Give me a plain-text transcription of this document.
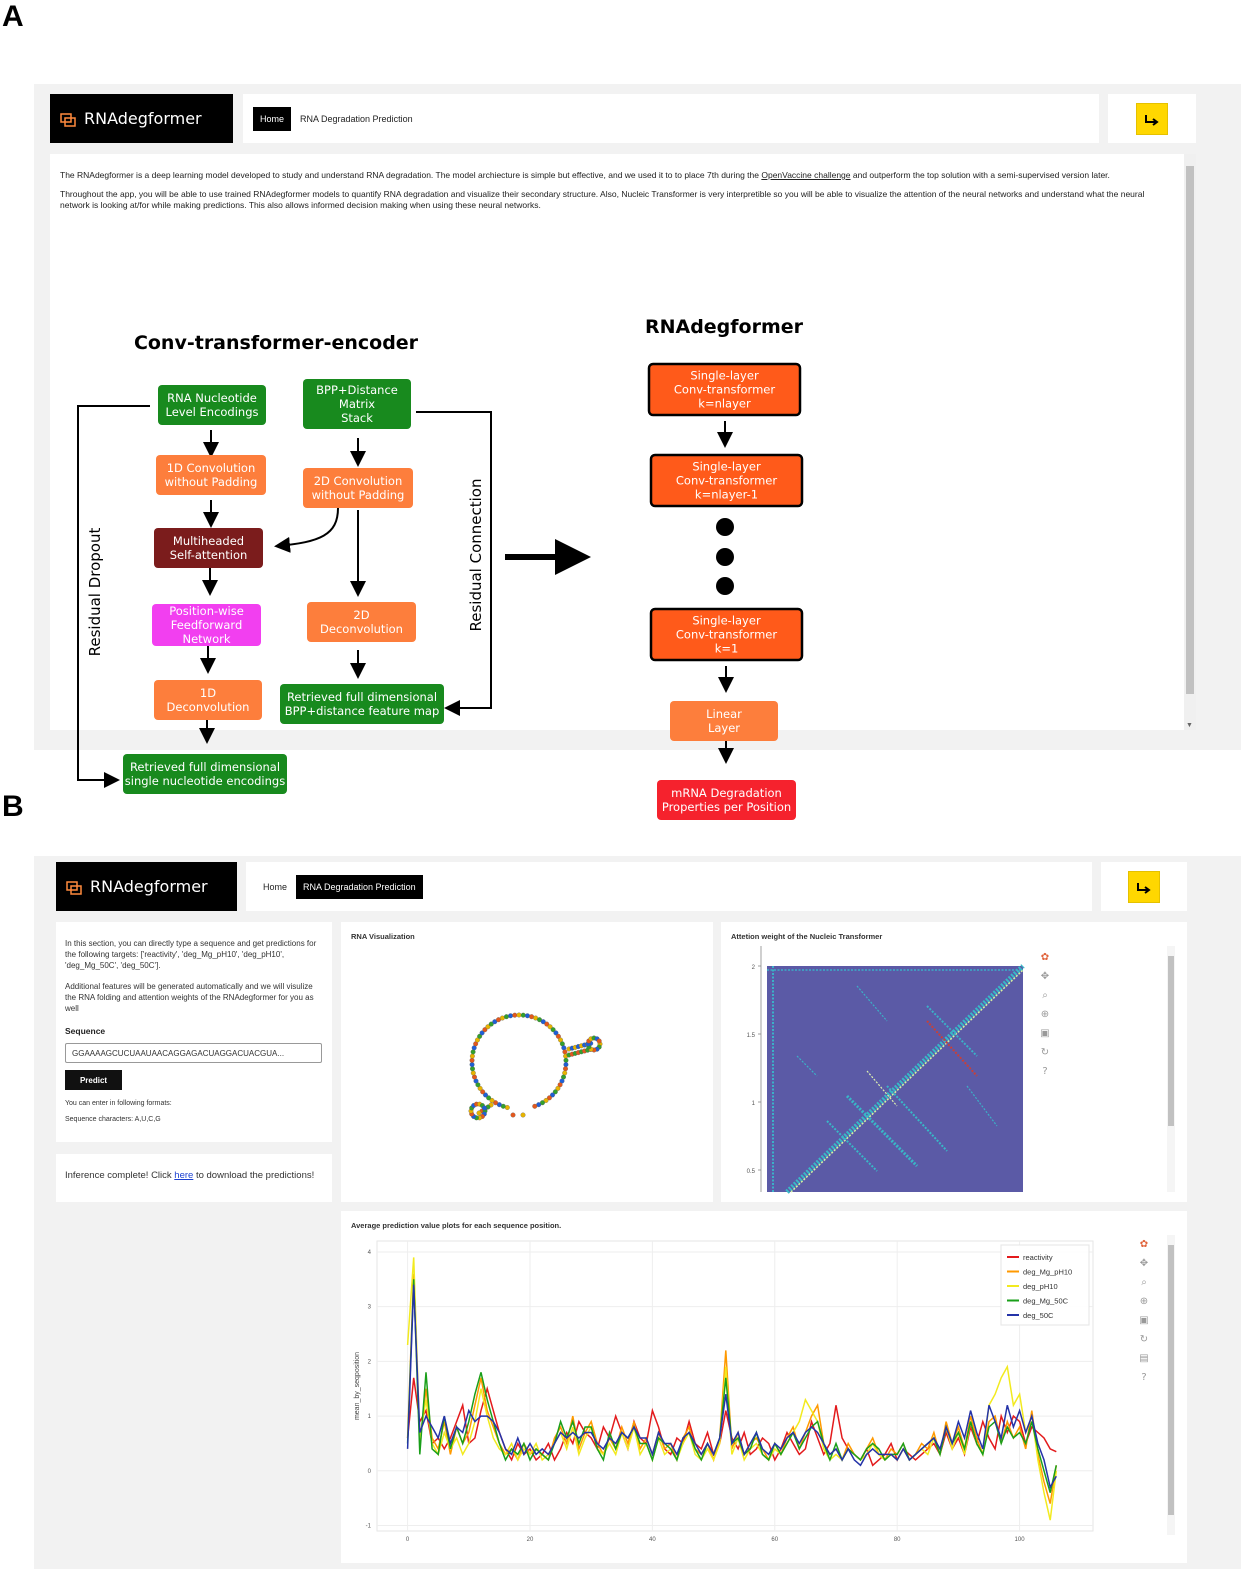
A
B
RNAdegformer	Home	RNA Degradation Prediction

The RNAdegformer is a deep learning model developed to study and understand RNA degradation. The model archiecture is simple but effective, and we used it to to place 7th during the OpenVaccine challenge and outperform the top solution with a semi-supervised version later.

Throughout the app, you will be able to use trained RNAdegformer models to quantify RNA degradation and visualize their secondary structure. Also, Nucleic Transformer is very interpretible so you will be able to visualize the attention of the neural networks and understand what the neural network is looking at/for while making predictions. This also allows informed decision making when using these neural networks.

Conv-transformer-encoder
RNAdegformer
Residual Dropout	Residual Connection
RNA Nucleotide
Level Encodings
BPP+Distance
Matrix
Stack
1D Convolution
without Padding	2D Convolution
without Padding
Multiheaded
Self-attention
Position-wise
Feedforward
Network
2D
Deconvolution
1D
Deconvolution
Retrieved full dimensional
BPP+distance feature map
Retrieved full dimensional
single nucleotide encodings
Single-layer
Conv-transformer
k=nlayer
Single-layer
Conv-transformer
k=nlayer-1
Single-layer
Conv-transformer
k=1
Linear
Layer
mRNA Degradation
Properties per Position
▼
RNAdegformer	Home	RNA Degradation Prediction

In this section, you can directly type a sequence and get predictions for the following targets: ['reactivity', 'deg_Mg_pH10', 'deg_pH10', 'deg_Mg_50C', 'deg_50C'].

Additional features will be generated automatically and we will visulize the RNA folding and attention weights of the RNAdegformer for you as well

Sequence
GGAAAAGCUCUAAUAACAGGAGACUAGGACUACGUA...
Predict

You can enter in following formats:

Sequence characters: A,U,C,G

Inference complete! Click here to download the predictions!

RNA Visualization	Attetion weight of the Nucleic Transformer
2
1.5
1
0.5
✿
✥
⌕
⊕
▣
↻
?
Average prediction value plots for each sequence position.
-1
0
1
2
3
4
0	20	40	60	80	100
mean_by_seqposition
reactivity
deg_Mg_pH10
deg_pH10
deg_Mg_50C
deg_50C
✿
✥
⌕
⊕
▣
↻
▤
?
